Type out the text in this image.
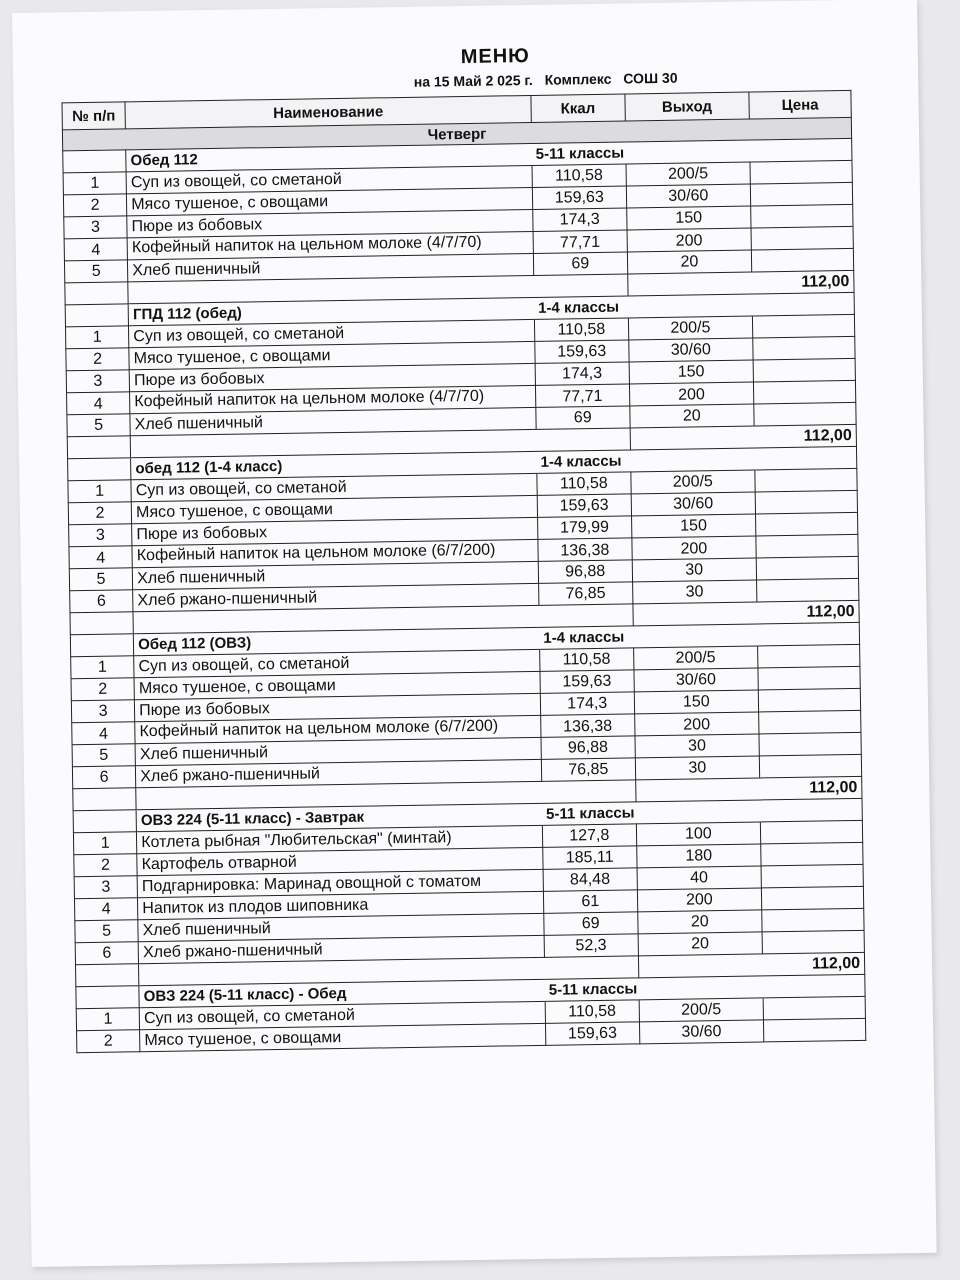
МЕНЮ
на 15 Май 2 025 г. Комплекс СОШ 30
№ п/п	Наименование	Ккал	Выход	Цена
Четверг				
	Обед 112	5-11 классы		
1	Суп из овощей, со сметаной	110,58	200/5	
2	Мясо тушеное, с овощами	159,63	30/60	
3	Пюре из бобовых	174,3	150	
4	Кофейный напиток на цельном молоке (4/7/70)	77,71	200	
5	Хлеб пшеничный	69	20	
			112,00	
	ГПД 112 (обед)	1-4 классы		
1	Суп из овощей, со сметаной	110,58	200/5	
2	Мясо тушеное, с овощами	159,63	30/60	
3	Пюре из бобовых	174,3	150	
4	Кофейный напиток на цельном молоке (4/7/70)	77,71	200	
5	Хлеб пшеничный	69	20	
			112,00	
	обед 112 (1-4 класс)	1-4 классы		
1	Суп из овощей, со сметаной	110,58	200/5	
2	Мясо тушеное, с овощами	159,63	30/60	
3	Пюре из бобовых	179,99	150	
4	Кофейный напиток на цельном молоке (6/7/200)	136,38	200	
5	Хлеб пшеничный	96,88	30	
6	Хлеб ржано-пшеничный	76,85	30	
			112,00	
	Обед 112 (ОВЗ)	1-4 классы		
1	Суп из овощей, со сметаной	110,58	200/5	
2	Мясо тушеное, с овощами	159,63	30/60	
3	Пюре из бобовых	174,3	150	
4	Кофейный напиток на цельном молоке (6/7/200)	136,38	200	
5	Хлеб пшеничный	96,88	30	
6	Хлеб ржано-пшеничный	76,85	30	
			112,00	
	ОВЗ 224 (5-11 класс) - Завтрак	5-11 классы		
1	Котлета рыбная "Любительская" (минтай)	127,8	100	
2	Картофель отварной	185,11	180	
3	Подгарнировка: Маринад овощной с томатом	84,48	40	
4	Напиток из плодов шиповника	61	200	
5	Хлеб пшеничный	69	20	
6	Хлеб ржано-пшеничный	52,3	20	
			112,00	
	ОВЗ 224 (5-11 класс) - Обед	5-11 классы		
1	Суп из овощей, со сметаной	110,58	200/5	
2	Мясо тушеное, с овощами	159,63	30/60	
